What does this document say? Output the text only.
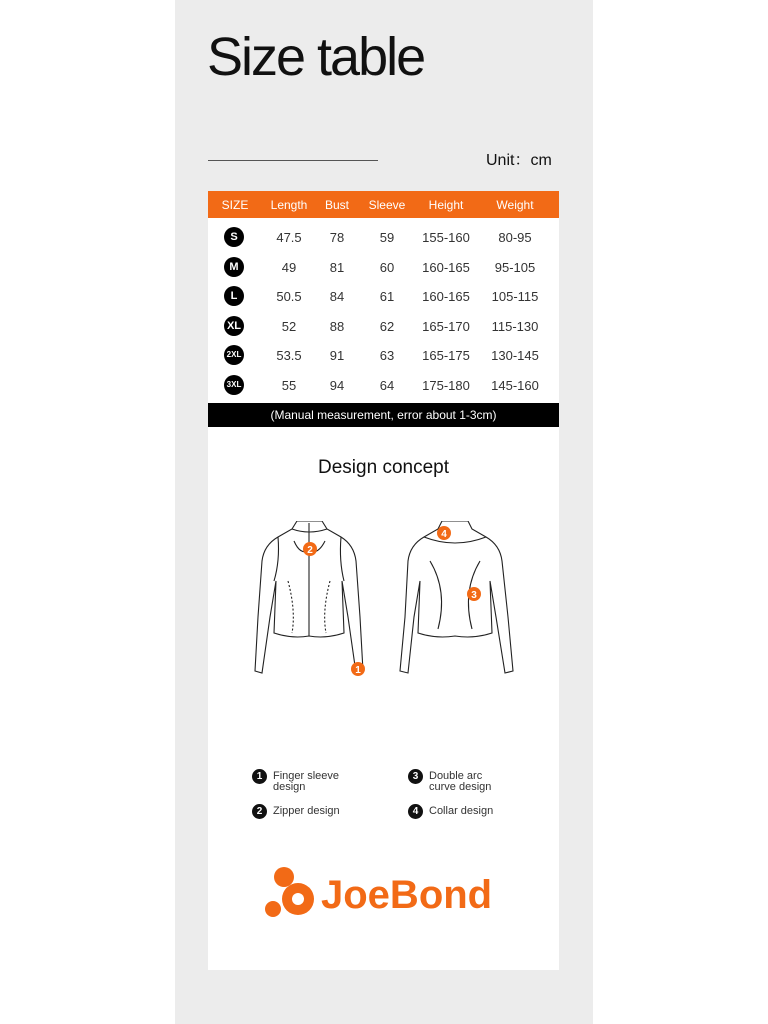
Size table
Unit：cm
SIZE	Length	Bust	Sleeve	Height	Weight
S	47.5	78	59	155-160	80-95
M	49	81	60	160-165	95-105
L	50.5	84	61	160-165	105-115
XL	52	88	62	165-170	115-130
2XL	53.5	91	63	165-175	130-145
3XL	55	94	64	175-180	145-160
(Manual measurement, error about 1-3cm)
Design concept
2
1
4
3
1 Finger sleeve design
2 Zipper design
3 Double arc curve design
4 Collar design
JoeBond
